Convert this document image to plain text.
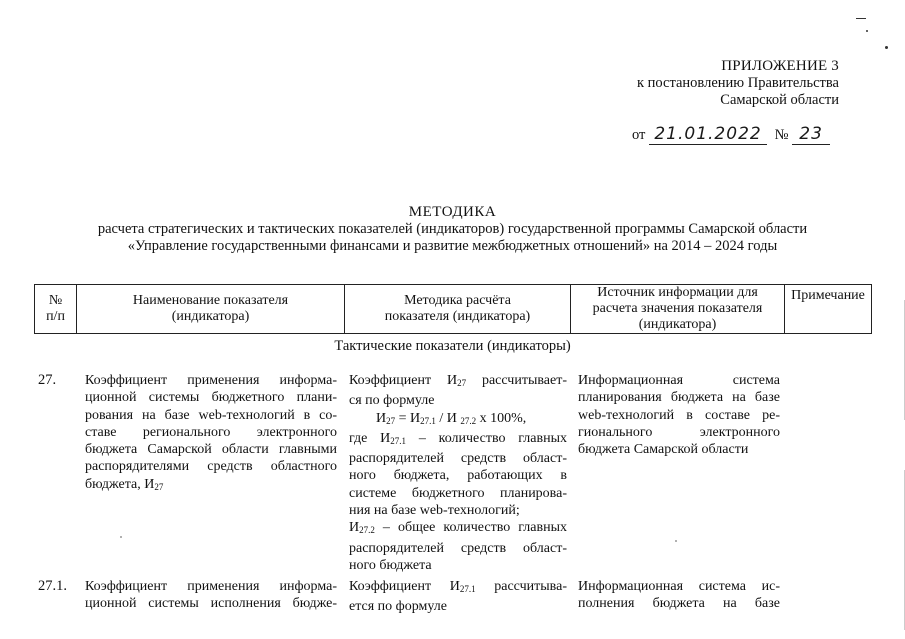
ПРИЛОЖЕНИЕ 3
к постановлению Правительства
Самарской области
от 21.01.2022 № 23
МЕТОДИКА
расчета стратегических и тактических показателей (индикаторов) государственной программы Самарской области
«Управление государственными финансами и развитие межбюджетных отношений» на 2014 – 2024 годы
№
п/п
Наименование показателя
(индикатора)
Методика расчёта
показателя (индикатора)
Источник информации для
расчета значения показателя
(индикатора)
Примечание
Тактические показатели (индикаторы)
27. Коэффициент применения информа-
ционной системы бюджетного плани-
рования на базе web-технологий в со-
ставе регионального электронного
бюджета Самарской области главными
распорядителями средств областного
бюджета, $И_{27}$
Коэффициент $И_{27}$ рассчитывает-
ся по формуле
$И_{27} = И_{27.1} / И$ $_{27.2}$ х 100%,
где $И_{27.1}$ – количество главных
распорядителей средств област-
ного бюджета, работающих в
системе бюджетного планирова-
ния на базе web-технологий;
$И_{27.2}$ – общее количество главных
распорядителей средств област-
ного бюджета
Информационная система
планирования бюджета на базе
web-технологий в составе ре-
гионального электронного
бюджета Самарской области
27.1. Коэффициент применения информа-
ционной системы исполнения бюдже-
Коэффициент $И_{27.1}$ рассчитыва-
ется по формуле
Информационная система ис-
полнения бюджета на базе
